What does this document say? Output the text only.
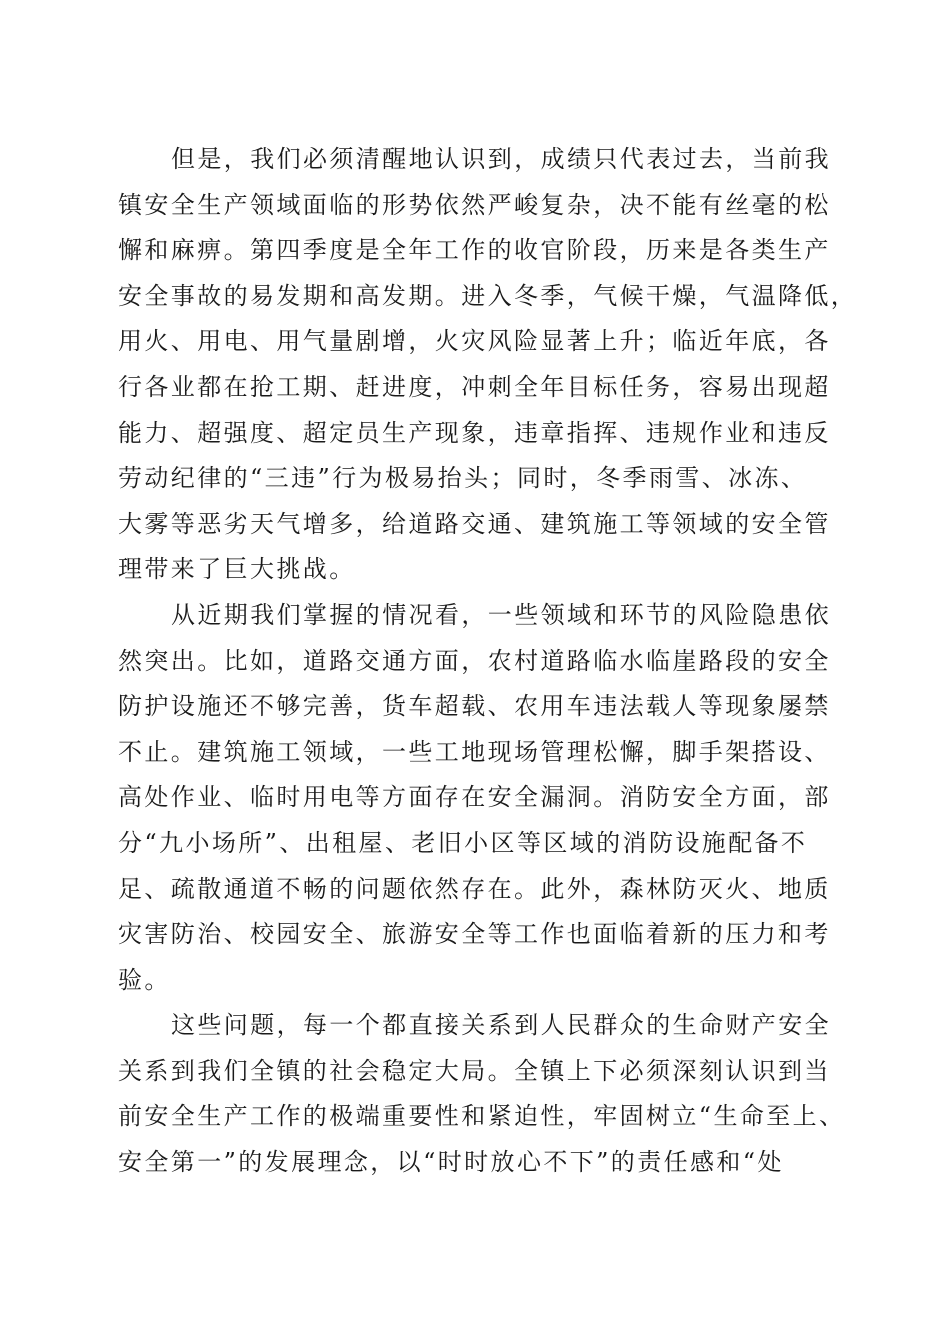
但是，我们必须清醒地认识到，成绩只代表过去，当前我
镇安全生产领域面临的形势依然严峻复杂，决不能有丝毫的松
懈和麻痹。第四季度是全年工作的收官阶段，历来是各类生产
安全事故的易发期和高发期。进入冬季，气候干燥，气温降低，
用火、用电、用气量剧增，火灾风险显著上升；临近年底，各
行各业都在抢工期、赶进度，冲刺全年目标任务，容易出现超
能力、超强度、超定员生产现象，违章指挥、违规作业和违反
劳动纪律的“三违”行为极易抬头；同时，冬季雨雪、冰冻、
大雾等恶劣天气增多，给道路交通、建筑施工等领域的安全管
理带来了巨大挑战。
从近期我们掌握的情况看，一些领域和环节的风险隐患依
然突出。比如，道路交通方面，农村道路临水临崖路段的安全
防护设施还不够完善，货车超载、农用车违法载人等现象屡禁
不止。建筑施工领域，一些工地现场管理松懈，脚手架搭设、
高处作业、临时用电等方面存在安全漏洞。消防安全方面，部
分“九小场所”、出租屋、老旧小区等区域的消防设施配备不
足、疏散通道不畅的问题依然存在。此外，森林防灭火、地质
灾害防治、校园安全、旅游安全等工作也面临着新的压力和考
验。
这些问题，每一个都直接关系到人民群众的生命财产安全
关系到我们全镇的社会稳定大局。全镇上下必须深刻认识到当
前安全生产工作的极端重要性和紧迫性，牢固树立“生命至上、
安全第一”的发展理念，以“时时放心不下”的责任感和“处
